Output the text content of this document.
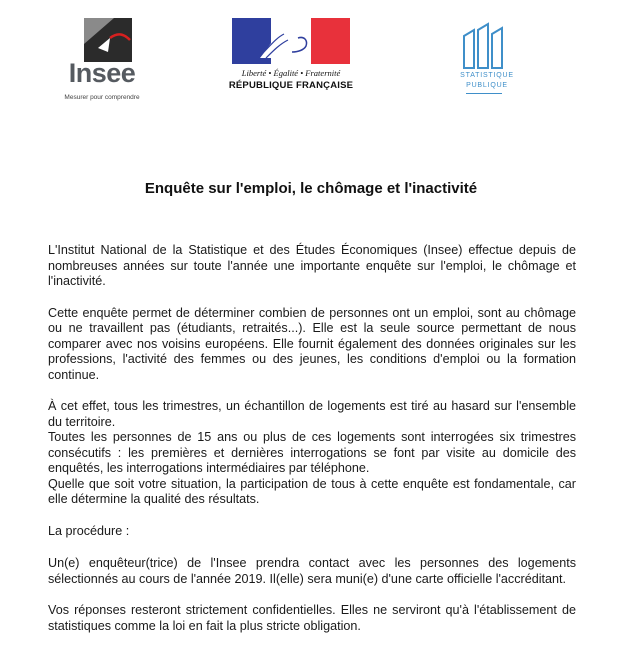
Insee
Mesurer pour comprendre
Liberté • Égalité • Fraternité
RÉPUBLIQUE FRANÇAISE
STATISTIQUE
PUBLIQUE
Enquête sur l'emploi, le chômage et l'inactivité

L'Institut National de la Statistique et des Études Économiques (Insee) effectue depuis de nombreuses années sur toute l'année une importante enquête sur l'emploi, le chômage et l'inactivité.

Cette enquête permet de déterminer combien de personnes ont un emploi, sont au chômage ou ne travaillent pas (étudiants, retraités...). Elle est la seule source permettant de nous comparer avec nos voisins européens. Elle fournit également des données originales sur les professions, l'activité des femmes ou des jeunes, les conditions d'emploi ou la formation continue.

À cet effet, tous les trimestres, un échantillon de logements est tiré au hasard sur l'ensemble du territoire.

Toutes les personnes de 15 ans ou plus de ces logements sont interrogées six trimestres consécutifs : les premières et dernières interrogations se font par visite au domicile des enquêtés, les interrogations intermédiaires par téléphone.

Quelle que soit votre situation, la participation de tous à cette enquête est fondamentale, car elle détermine la qualité des résultats.

La procédure :

Un(e) enquêteur(trice) de l'Insee prendra contact avec les personnes des logements sélectionnés au cours de l'année 2019. Il(elle) sera muni(e) d'une carte officielle l'accréditant.

Vos réponses resteront strictement confidentielles. Elles ne serviront qu'à l'établissement de statistiques comme la loi en fait la plus stricte obligation.
